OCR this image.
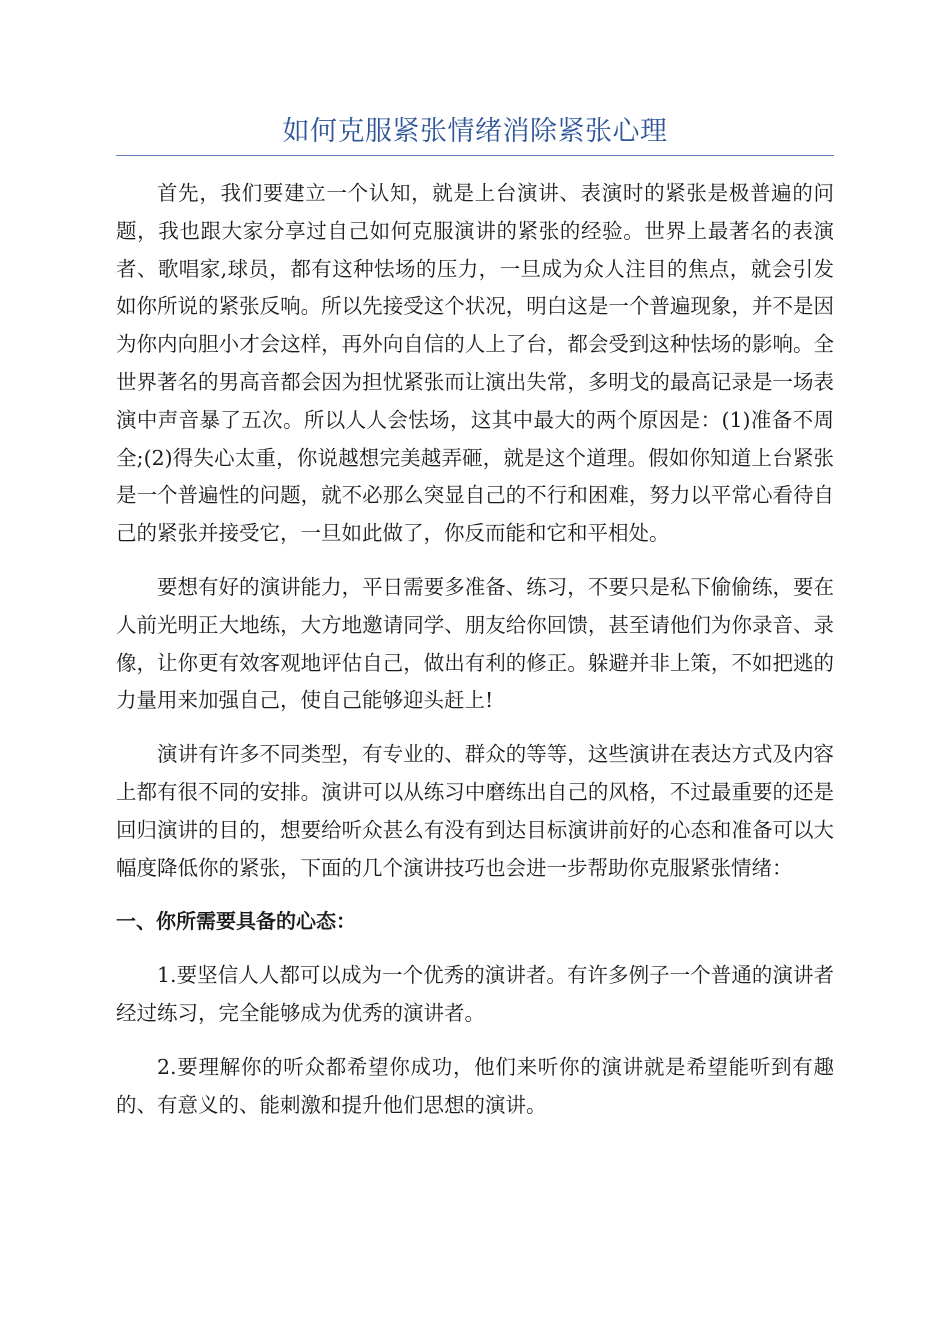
如何克服紧张情绪消除紧张心理

首先，我们要建立一个认知，就是上台演讲、表演时的紧张是极普遍的问题，我也跟大家分享过自己如何克服演讲的紧张的经验。世界上最著名的表演者、歌唱家,球员，都有这种怯场的压力，一旦成为众人注目的焦点，就会引发如你所说的紧张反响。所以先接受这个状况，明白这是一个普遍现象，并不是因为你内向胆小才会这样，再外向自信的人上了台，都会受到这种怯场的影响。全世界著名的男高音都会因为担忧紧张而让演出失常，多明戈的最高记录是一场表演中声音暴了五次。所以人人会怯场，这其中最大的两个原因是：(1)准备不周全;(2)得失心太重，你说越想完美越弄砸，就是这个道理。假如你知道上台紧张是一个普遍性的问题，就不必那么突显自己的不行和困难，努力以平常心看待自己的紧张并接受它，一旦如此做了，你反而能和它和平相处。

要想有好的演讲能力，平日需要多准备、练习，不要只是私下偷偷练，要在人前光明正大地练，大方地邀请同学、朋友给你回馈，甚至请他们为你录音、录像，让你更有效客观地评估自己，做出有利的修正。躲避并非上策，不如把逃的力量用来加强自己，使自己能够迎头赶上!

演讲有许多不同类型，有专业的、群众的等等，这些演讲在表达方式及内容上都有很不同的安排。演讲可以从练习中磨练出自己的风格，不过最重要的还是回归演讲的目的，想要给听众甚么有没有到达目标演讲前好的心态和准备可以大幅度降低你的紧张，下面的几个演讲技巧也会进一步帮助你克服紧张情绪：

一、你所需要具备的心态：

1.要坚信人人都可以成为一个优秀的演讲者。有许多例子一个普通的演讲者经过练习，完全能够成为优秀的演讲者。

2.要理解你的听众都希望你成功，他们来听你的演讲就是希望能听到有趣的、有意义的、能刺激和提升他们思想的演讲。
